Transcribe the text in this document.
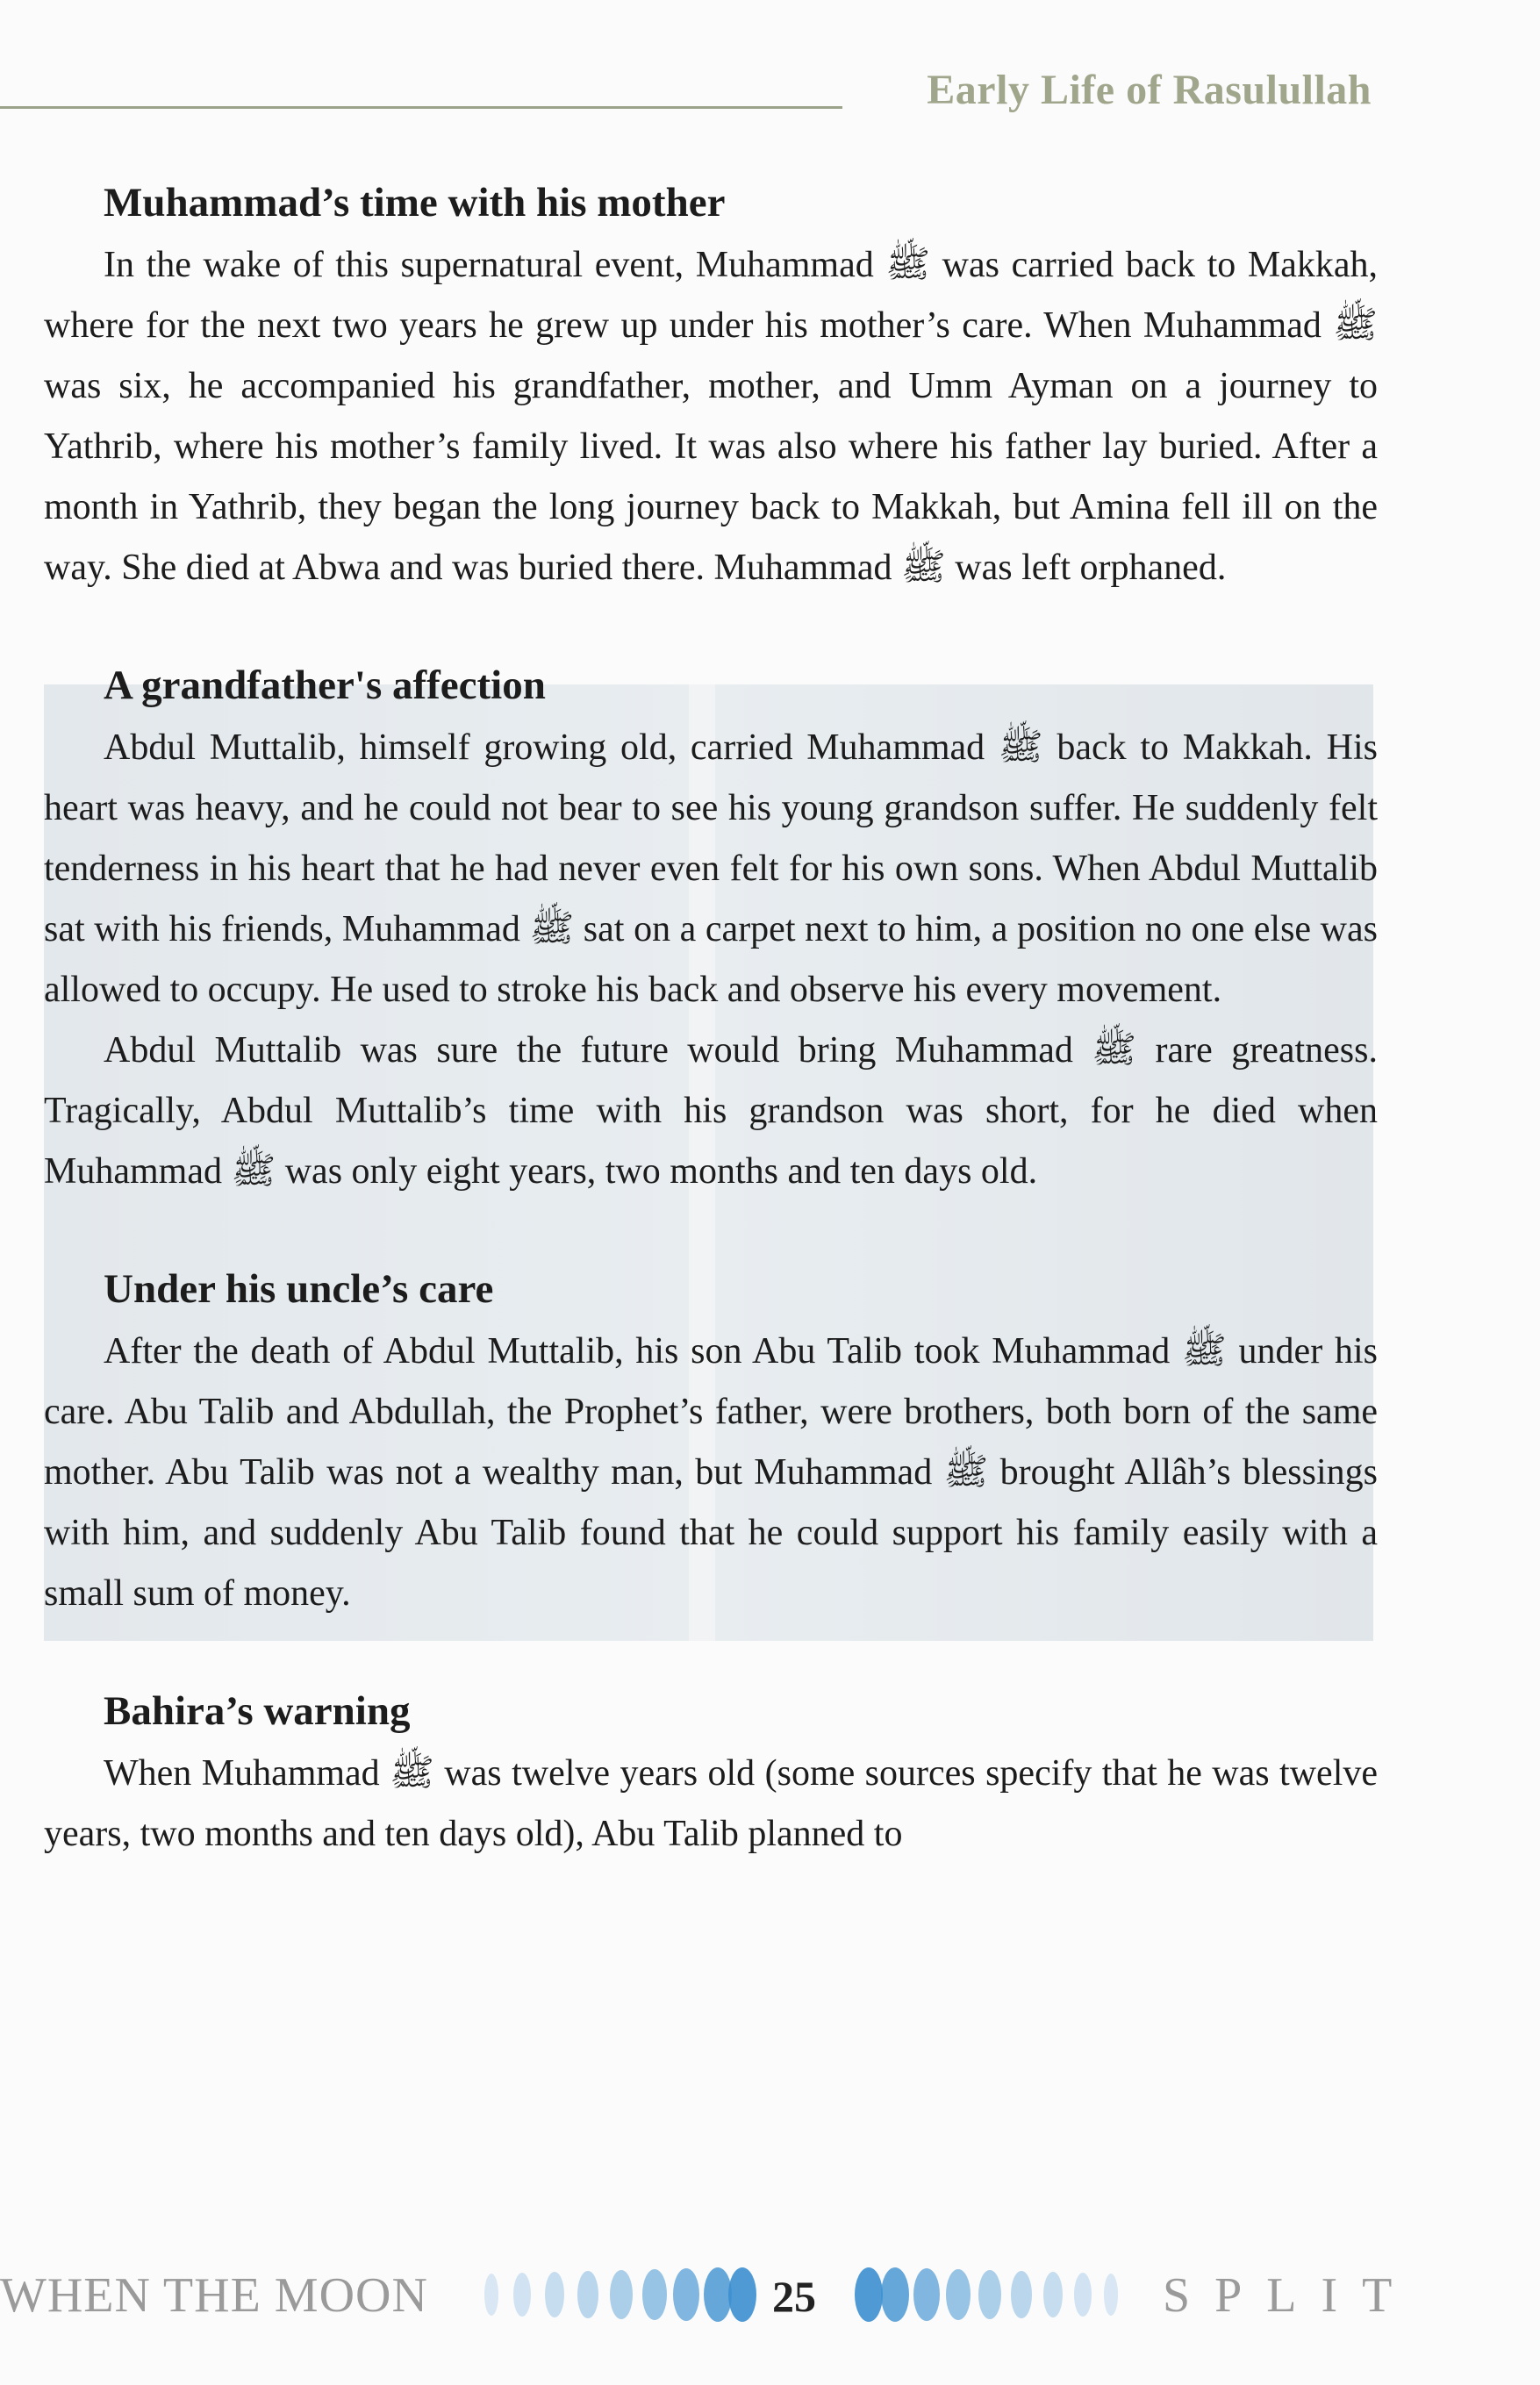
Early Life of Rasulullah
Muhammad’s time with his mother

In the wake of this supernatural event, Muhammad ﷺ was carried back to Makkah, where for the next two years he grew up under his mother’s care. When Muhammad ﷺ was six, he accompanied his grandfather, mother, and Umm Ayman on a journey to Yathrib, where his mother’s family lived. It was also where his father lay buried. After a month in Yathrib, they began the long journey back to Makkah, but Amina fell ill on the way. She died at Abwa and was buried there. Muhammad ﷺ was left orphaned.

A grandfather's affection

Abdul Muttalib, himself growing old, carried Muhammad ﷺ back to Makkah. His heart was heavy, and he could not bear to see his young grandson suffer. He suddenly felt tenderness in his heart that he had never even felt for his own sons. When Abdul Muttalib sat with his friends, Muhammad ﷺ sat on a carpet next to him, a position no one else was allowed to occupy. He used to stroke his back and observe his every movement.

Abdul Muttalib was sure the future would bring Muhammad ﷺ rare greatness. Tragically, Abdul Muttalib’s time with his grandson was short, for he died when Muhammad ﷺ was only eight years, two months and ten days old.

Under his uncle’s care

After the death of Abdul Muttalib, his son Abu Talib took Muhammad ﷺ under his care. Abu Talib and Abdullah, the Prophet’s father, were brothers, both born of the same mother. Abu Talib was not a wealthy man, but Muhammad ﷺ brought Allâh’s blessings with him, and suddenly Abu Talib found that he could support his family easily with a small sum of money.

Bahira’s warning

When Muhammad ﷺ was twelve years old (some sources specify that he was twelve years, two months and ten days old), Abu Talib planned to

WHEN THE MOON	25	SPLIT
